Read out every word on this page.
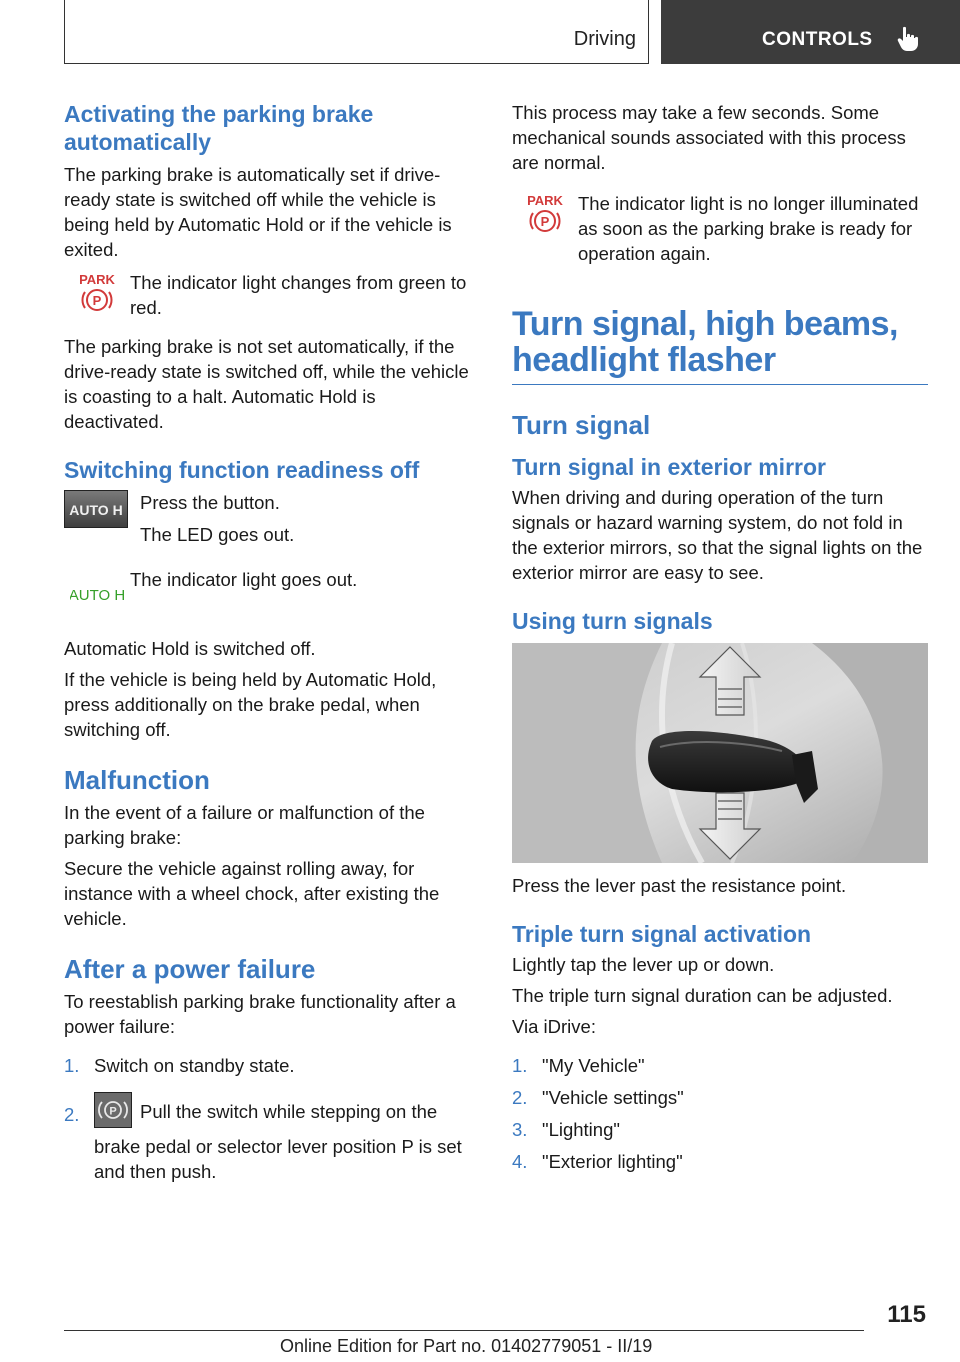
Driving	CONTROLS
Activating the parking brake automatically

The parking brake is automatically set if drive-ready state is switched off while the vehicle is being held by Automatic Hold or if the vehicle is exited.

PARK
P

The indicator light changes from green to red.

The parking brake is not set automatically, if the drive-ready state is switched off, while the vehicle is coasting to a halt. Automatic Hold is deactivated.

Switching function readiness off
AUTO H Press the button.

The LED goes out.

AUTO H

The indicator light goes out.

Automatic Hold is switched off.

If the vehicle is being held by Automatic Hold, press additionally on the brake pedal, when switching off.

Malfunction

In the event of a failure or malfunction of the parking brake:

Secure the vehicle against rolling away, for instance with a wheel chock, after existing the vehicle.

After a power failure

To reestablish parking brake functionality after a power failure:

1. Switch on standby state.
2.	P Pull the switch while stepping on the brake pedal or selector lever position P is set and then push.

This process may take a few seconds. Some mechanical sounds associated with this process are normal.

PARK
P

The indicator light is no longer illuminated as soon as the parking brake is ready for operation again.

Turn signal, high beams, headlight flasher
Turn signal
Turn signal in exterior mirror

When driving and during operation of the turn signals or hazard warning system, do not fold in the exterior mirrors, so that the signal lights on the exterior mirror are easy to see.

Using turn signals

Press the lever past the resistance point.

Triple turn signal activation

Lightly tap the lever up or down.

The triple turn signal duration can be adjusted.

Via iDrive:

1. "My Vehicle"
2. "Vehicle settings"
3. "Lighting"
4. "Exterior lighting"
115
Online Edition for Part no. 01402779051 - II/19
